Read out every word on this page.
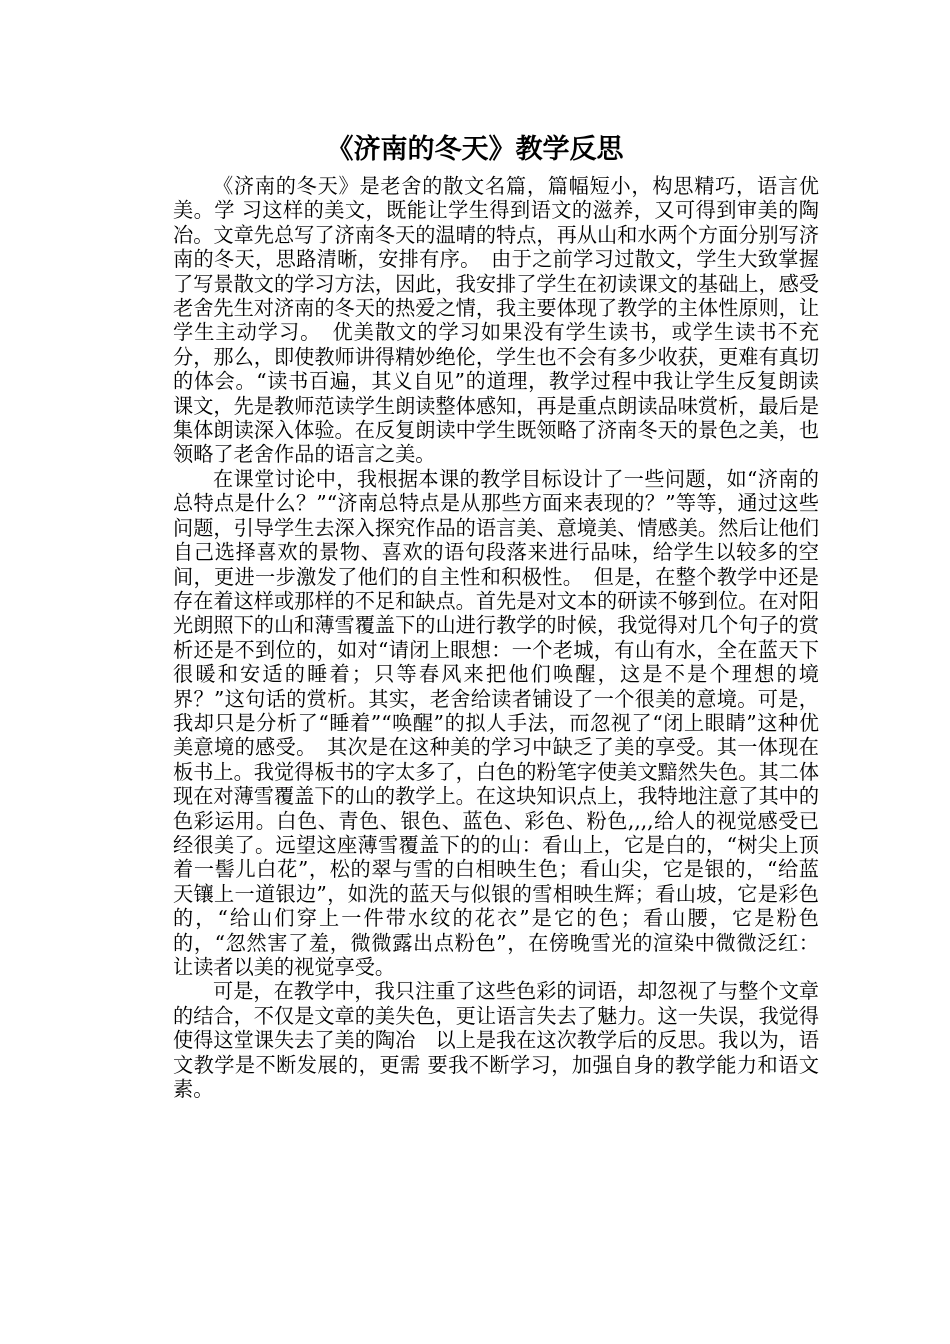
《济南的冬天》教学反思

《济南的冬天》是老舍的散文名篇，篇幅短小，构思精巧，语言优美。学 习这样的美文，既能让学生得到语文的滋养，又可得到审美的陶冶。文章先总写了济南冬天的温晴的特点，再从山和水两个方面分别写济南的冬天，思路清晰，安排有序。　由于之前学习过散文，学生大致掌握了写景散文的学习方法，因此，我安排了学生在初读课文的基础上，感受老舍先生对济南的冬天的热爱之情，我主要体现了教学的主体性原则，让学生主动学习。　优美散文的学习如果没有学生读书，或学生读书不充分，那么，即使教师讲得精妙绝伦，学生也不会有多少收获，更难有真切的体会。“读书百遍，其义自见”的道理，教学过程中我让学生反复朗读课文，先是教师范读学生朗读整体感知，再是重点朗读品味赏析，最后是集体朗读深入体验。在反复朗读中学生既领略了济南冬天的景色之美，也领略了老舍作品的语言之美。

在课堂讨论中，我根据本课的教学目标设计了一些问题，如“济南的总特点是什么？”“济南总特点是从那些方面来表现的？”等等，通过这些问题，引导学生去深入探究作品的语言美、意境美、情感美。然后让他们自己选择喜欢的景物、喜欢的语句段落来进行品味，给学生以较多的空间，更进一步激发了他们的自主性和积极性。　但是，在整个教学中还是存在着这样或那样的不足和缺点。首先是对文本的研读不够到位。在对阳光朗照下的山和薄雪覆盖下的山进行教学的时候，我觉得对几个句子的赏析还是不到位的，如对“请闭上眼想：一个老城，有山有水，全在蓝天下很暖和安适的睡着；只等春风来把他们唤醒，这是不是个理想的境界？”这句话的赏析。其实，老舍给读者铺设了一个很美的意境。可是，我却只是分析了“睡着”“唤醒”的拟人手法，而忽视了“闭上眼睛”这种优美意境的感受。　其次是在这种美的学习中缺乏了美的享受。其一体现在板书上。我觉得板书的字太多了，白色的粉笔字使美文黯然失色。其二体现在对薄雪覆盖下的山的教学上。在这块知识点上，我特地注意了其中的色彩运用。白色、青色、银色、蓝色、彩色、粉色,,,,给人的视觉感受已经很美了。远望这座薄雪覆盖下的的山：看山上，它是白的，“树尖上顶着一髻儿白花”，松的翠与雪的白相映生色；看山尖，它是银的，“给蓝天镶上一道银边”，如洗的蓝天与似银的雪相映生辉；看山坡，它是彩色的，“给山们穿上一件带水纹的花衣”是它的色；看山腰，它是粉色的，“忽然害了羞，微微露出点粉色”，在傍晚雪光的渲染中微微泛红：让读者以美的视觉享受。

可是，在教学中，我只注重了这些色彩的词语，却忽视了与整个文章的结合，不仅是文章的美失色，更让语言失去了魅力。这一失误，我觉得使得这堂课失去了美的陶冶　以上是我在这次教学后的反思。我以为，语文教学是不断发展的，更需 要我不断学习，加强自身的教学能力和语文素。
